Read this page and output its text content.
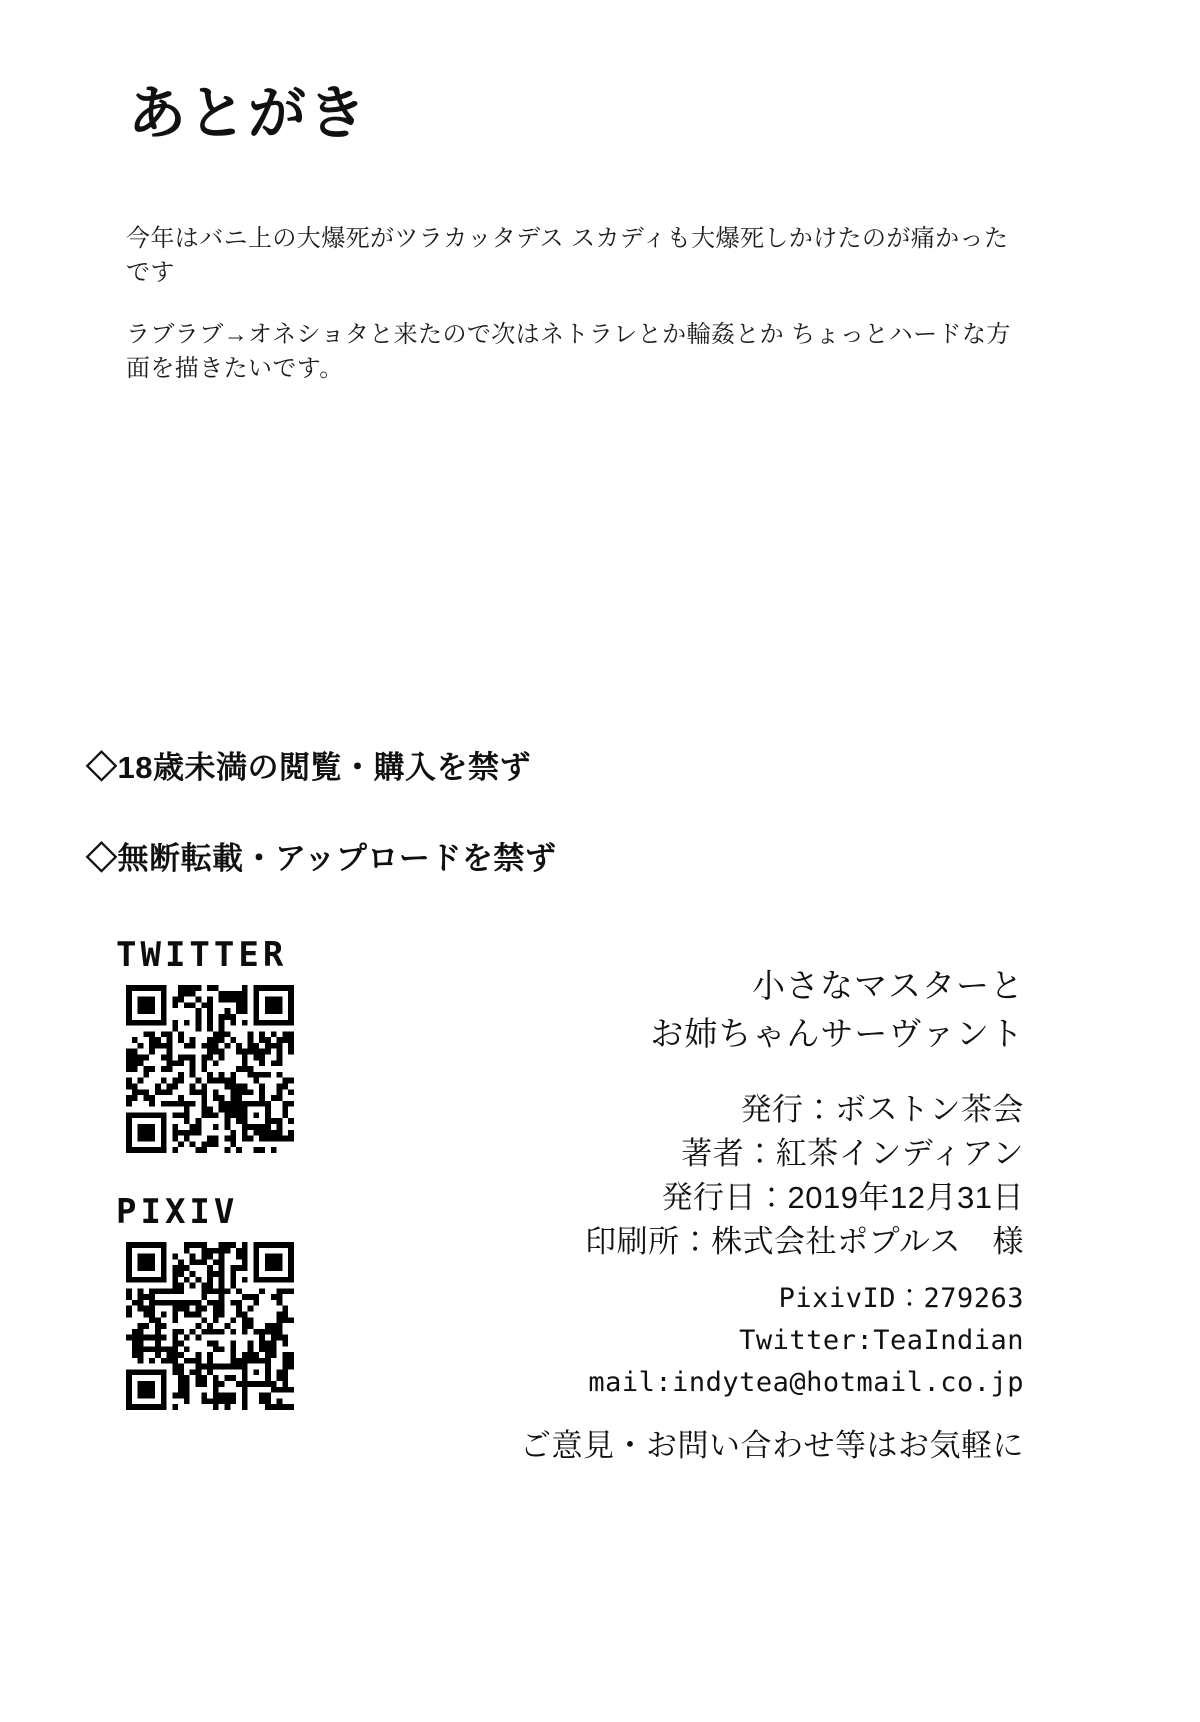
あとがき

今年はバニ上の大爆死がツラカッタデス スカディも大爆死しかけたのが痛かったです

ラブラブ→オネショタと来たので次はネトラレとか輪姦とか ちょっとハードな方面を描きたいです。

◇18歳未満の閲覧・購入を禁ず
◇無断転載・アップロードを禁ず
TWITTER
PIXIV
小さなマスターと
お姉ちゃんサーヴァント
発行：ボストン茶会
著者：紅茶インディアン
発行日：2019年12月31日
印刷所：株式会社ポプルス　様
PixivID：279263
Twitter:TeaIndian
mail:indytea@hotmail.co.jp
ご意見・お問い合わせ等はお気軽に
